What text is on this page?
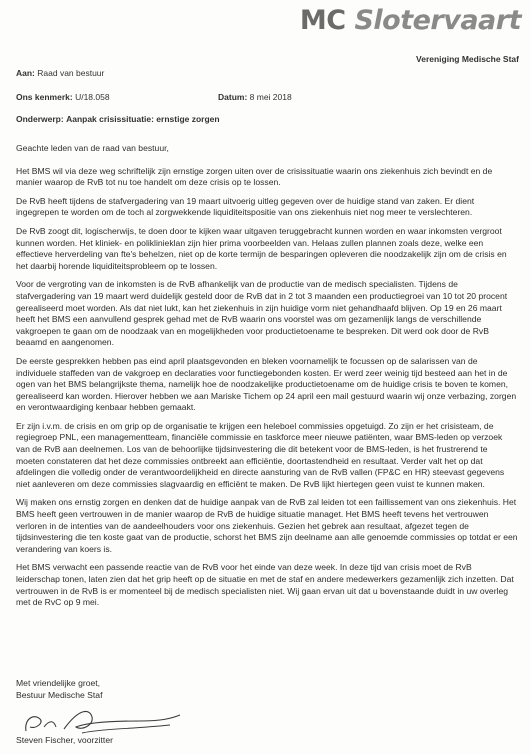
MC Slotervaart
Vereniging Medische Staf
Aan: Raad van bestuur
Ons kenmerk: U/18.058	Datum: 8 mei 2018
Onderwerp: Aanpak crisissituatie: ernstige zorgen

Geachte leden van de raad van bestuur,

Het BMS wil via deze weg schriftelijk zijn ernstige zorgen uiten over de crisissituatie waarin ons ziekenhuis zich bevindt en de manier waarop de RvB tot nu toe handelt om deze crisis op te lossen.

De RvB heeft tijdens de stafvergadering van 19 maart uitvoerig uitleg gegeven over de huidige stand van zaken. Er dient ingegrepen te worden om de toch al zorgwekkende liquiditeitspositie van ons ziekenhuis niet nog meer te verslechteren.

De RvB zoogt dit, logischerwijs, te doen door te kijken waar uitgaven teruggebracht kunnen worden en waar inkomsten vergroot kunnen worden. Het kliniek- en poliklinieklan zijn hier prima voorbeelden van. Helaas zullen plannen zoals deze, welke een effectieve herverdeling van fte's behelzen, niet op de korte termijn de besparingen opleveren die noodzakelijk zijn om de crisis en het daarbij horende liquiditeitsprobleem op te lossen.

Voor de vergroting van de inkomsten is de RvB afhankelijk van de productie van de medisch specialisten. Tijdens de stafvergadering van 19 maart werd duidelijk gesteld door de RvB dat in 2 tot 3 maanden een productiegroei van 10 tot 20 procent gerealiseerd moet worden. Als dat niet lukt, kan het ziekenhuis in zijn huidige vorm niet gehandhaafd blijven. Op 19 en 26 maart heeft het BMS een aanvullend gesprek gehad met de RvB waarin ons voorstel was om gezamenlijk langs de verschillende vakgroepen te gaan om de noodzaak van en mogelijkheden voor productietoename te bespreken. Dit werd ook door de RvB beaamd en aangenomen.

De eerste gesprekken hebben pas eind april plaatsgevonden en bleken voornamelijk te focussen op de salarissen van de individuele staffeden van de vakgroep en declaraties voor functiegebonden kosten. Er werd zeer weinig tijd besteed aan het in de ogen van het BMS belangrijkste thema, namelijk hoe de noodzakelijke productietoename om de huidige crisis te boven te komen, gerealiseerd kan worden. Hierover hebben we aan Mariske Tichem op 24 april een mail gestuurd waarin wij onze verbazing, zorgen en verontwaardiging kenbaar hebben gemaakt.

Er zijn i.v.m. de crisis en om grip op de organisatie te krijgen een heleboel commissies opgetuigd. Zo zijn er het crisisteam, de regiegroep PNL, een managementteam, financiële commissie en taskforce meer nieuwe patiënten, waar BMS-leden op verzoek van de RvB aan deelnemen. Los van de behoorlijke tijdsinvestering die dit betekent voor de BMS-leden, is het frustrerend te moeten constateren dat het deze commissies ontbreekt aan efficiëntie, doortastendheid en resultaat. Verder valt het op dat afdelingen die volledig onder de verantwoordelijkheid en directe aansturing van de RvB vallen (FP&C en HR) steevast gegevens niet aanleveren om deze commissies slagvaardig en efficiënt te maken. De RvB lijkt hiertegen geen vuist te kunnen maken.

Wij maken ons ernstig zorgen en denken dat de huidige aanpak van de RvB zal leiden tot een faillissement van ons ziekenhuis. Het BMS heeft geen vertrouwen in de manier waarop de RvB de huidige situatie managet. Het BMS heeft tevens het vertrouwen verloren in de intenties van de aandeelhouders voor ons ziekenhuis. Gezien het gebrek aan resultaat, afgezet tegen de tijdsinvestering die ten koste gaat van de productie, schorst het BMS zijn deelname aan alle genoemde commissies op totdat er een verandering van koers is.

Het BMS verwacht een passende reactie van de RvB voor het einde van deze week. In deze tijd van crisis moet de RvB leiderschap tonen, laten zien dat het grip heeft op de situatie en met de staf en andere medewerkers gezamenlijk zich inzetten. Dat vertrouwen in de RvB is er momenteel bij de medisch specialisten niet. Wij gaan ervan uit dat u bovenstaande duidt in uw overleg met de RvC op 9 mei.

Met vriendelijke groet,
Bestuur Medische Staf
Steven Fischer, voorzitter
